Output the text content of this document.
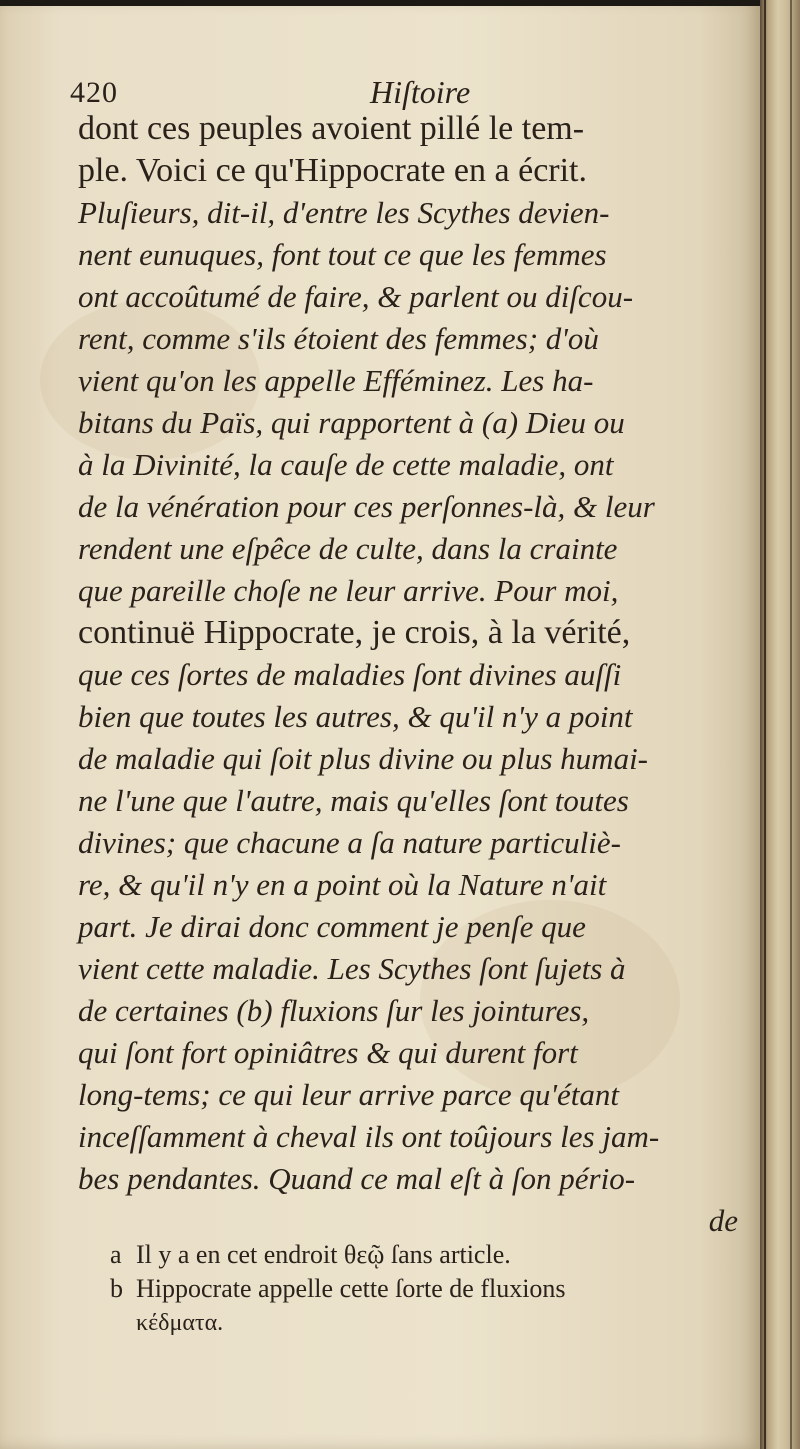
420	Hiſtoire
dont ces peuples avoient pillé le tem-
ple. Voici ce qu'Hippocrate en a écrit.
Pluſieurs, dit-il, d'entre les Scythes devien-
nent eunuques, font tout ce que les femmes
ont accoûtumé de faire, & parlent ou diſcou-
rent, comme s'ils étoient des femmes; d'où
vient qu'on les appelle Efféminez. Les ha-
bitans du Païs, qui rapportent à (a) Dieu ou
à la Divinité, la cauſe de cette maladie, ont
de la vénération pour ces perſonnes-là, & leur
rendent une eſpêce de culte, dans la crainte
que pareille choſe ne leur arrive. Pour moi,
continuë Hippocrate, je crois, à la vérité,
que ces ſortes de maladies ſont divines auſſi
bien que toutes les autres, & qu'il n'y a point
de maladie qui ſoit plus divine ou plus humai-
ne l'une que l'autre, mais qu'elles ſont toutes
divines; que chacune a ſa nature particuliè-
re, & qu'il n'y en a point où la Nature n'ait
part. Je dirai donc comment je penſe que
vient cette maladie. Les Scythes ſont ſujets à
de certaines (b) fluxions ſur les jointures,
qui ſont fort opiniâtres & qui durent fort
long-tems; ce qui leur arrive parce qu'étant
inceſſamment à cheval ils ont toûjours les jam-
bes pendantes. Quand ce mal eſt à ſon pério-
de
a Il y a en cet endroit θεῷ ſans article.
b Hippocrate appelle cette ſorte de fluxions
κέδματα.
